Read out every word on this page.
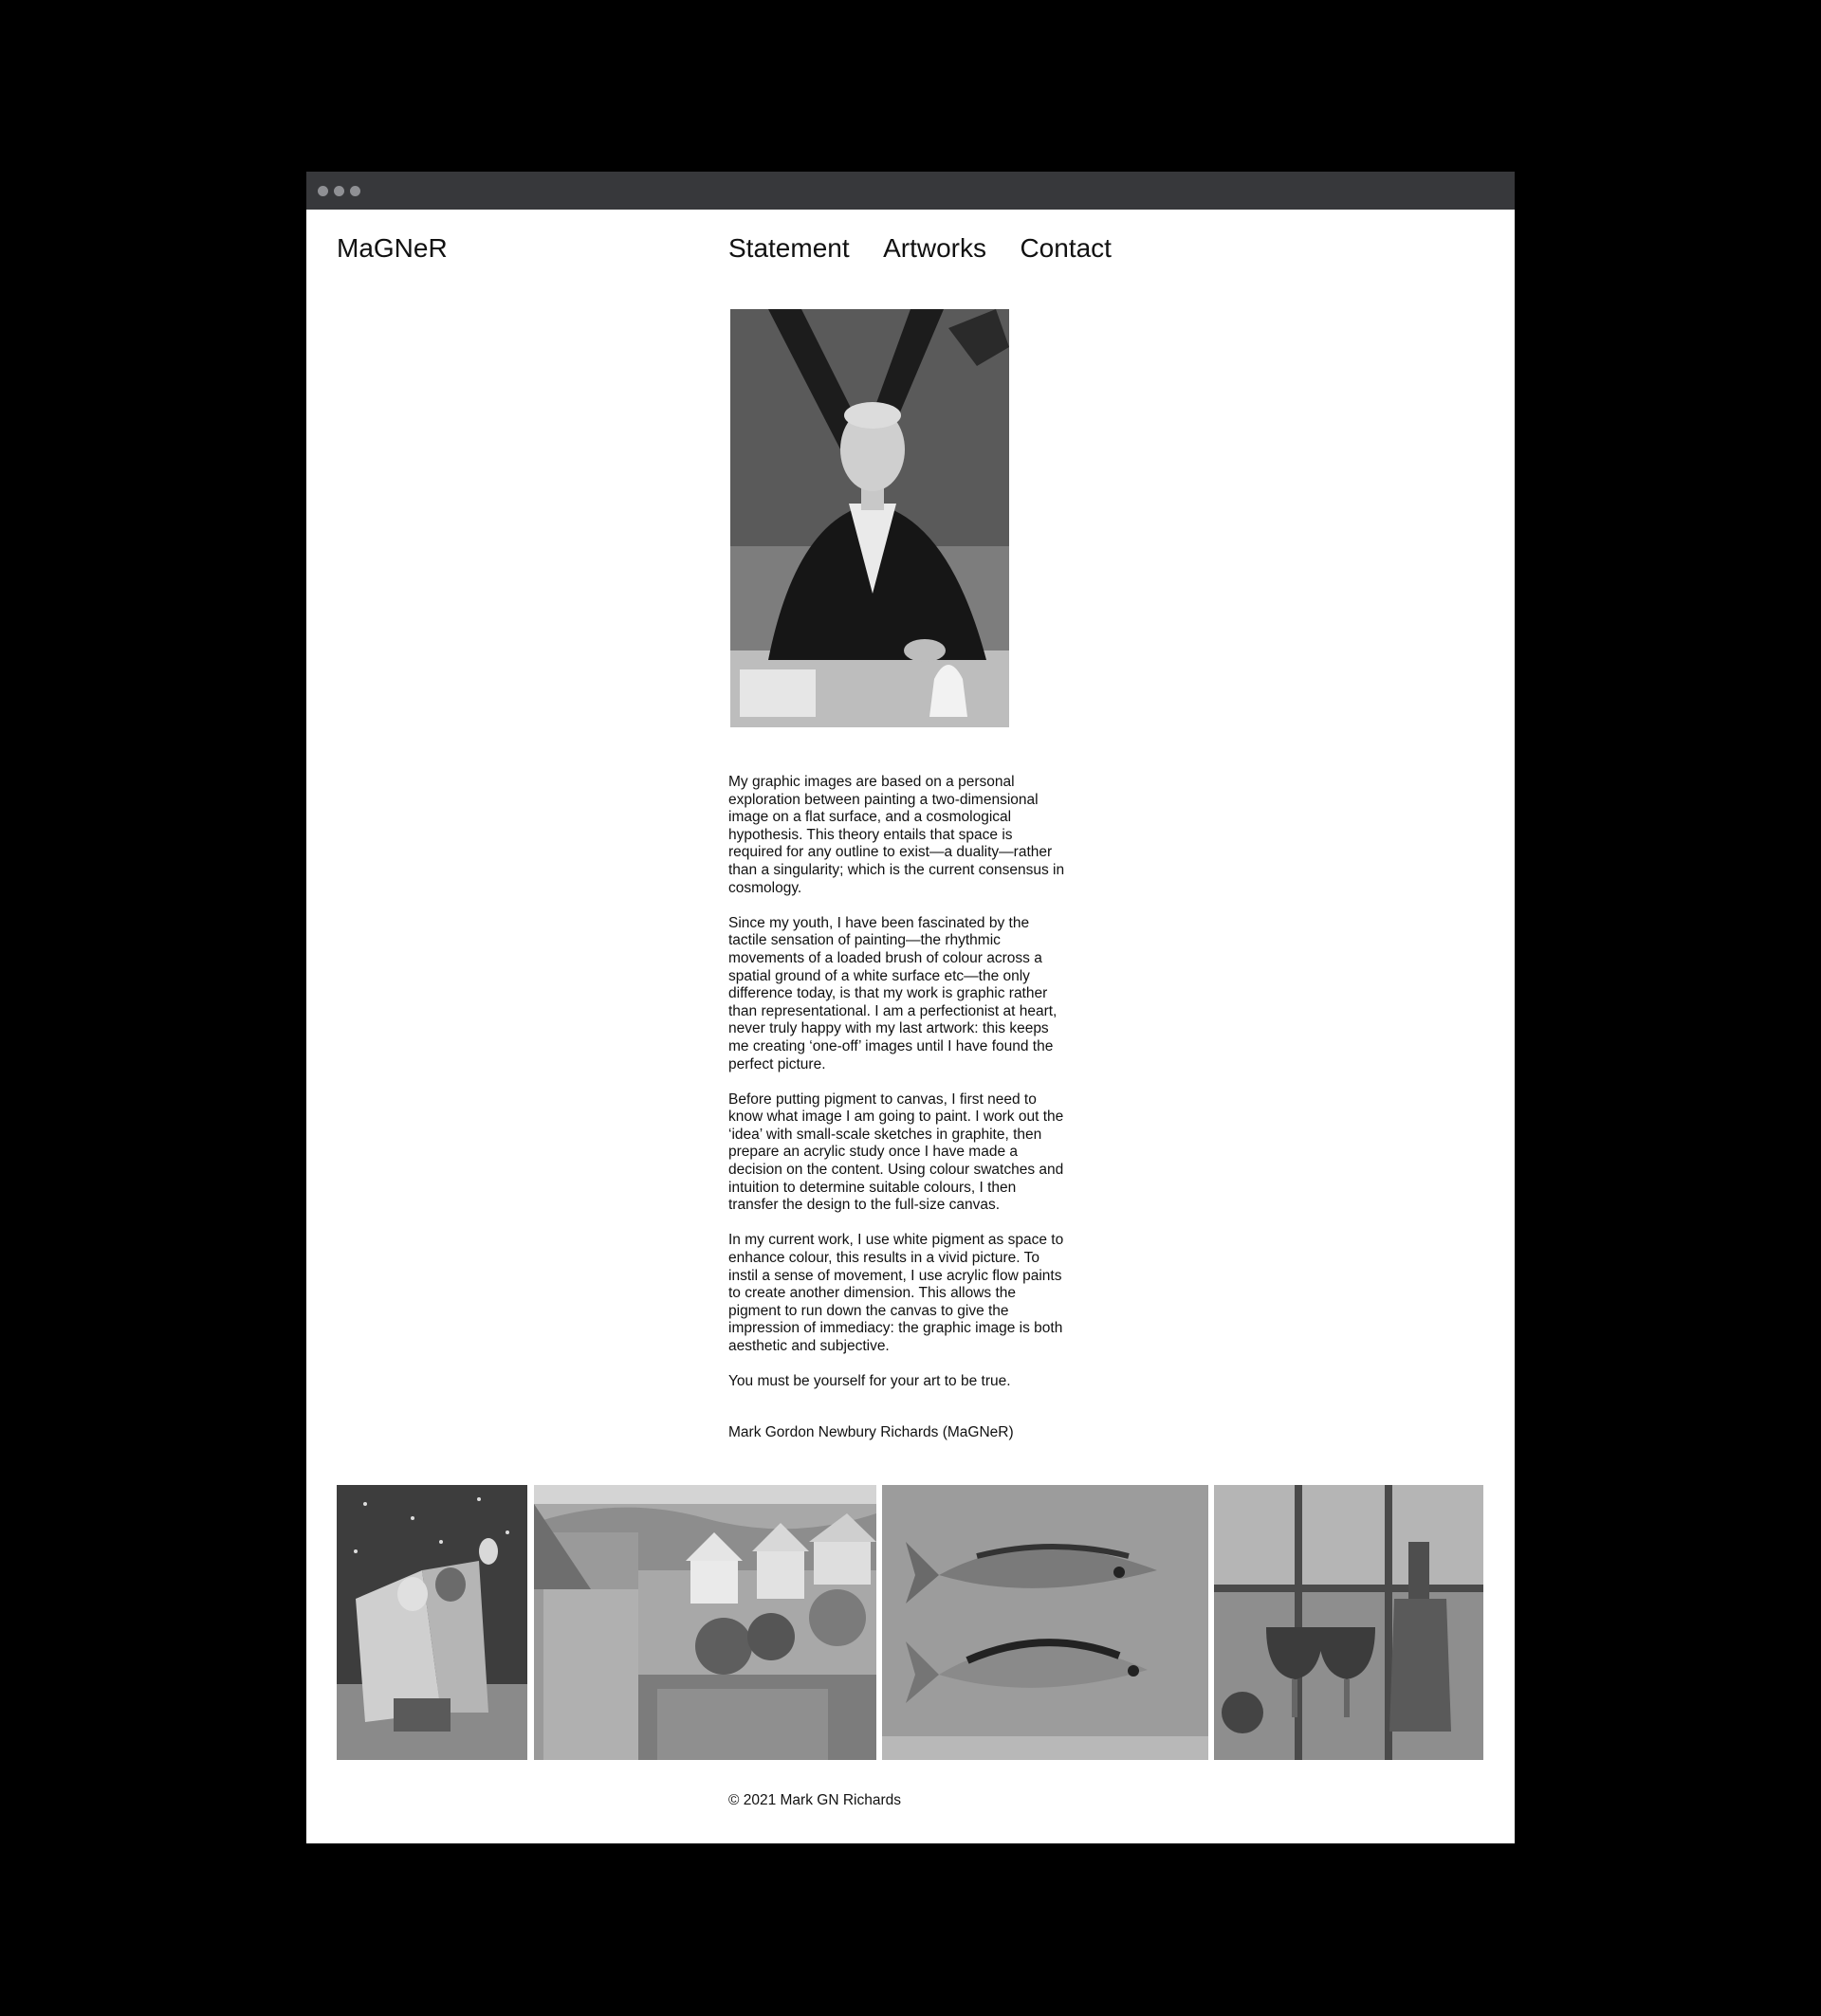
MaGNeR	Statement Artworks Contact

My graphic images are based on a personal exploration between painting a two-dimensional image on a flat surface, and a cosmological hypothesis. This theory entails that space is required for any outline to exist—a duality—rather than a singularity; which is the current consensus in cosmology.

Since my youth, I have been fascinated by the tactile sensation of painting—the rhythmic movements of a loaded brush of colour across a spatial ground of a white surface etc—the only difference today, is that my work is graphic rather than representational. I am a perfectionist at heart, never truly happy with my last artwork: this keeps me creating ‘one-off’ images until I have found the perfect picture.

Before putting pigment to canvas, I first need to know what image I am going to paint. I work out the ‘idea’ with small-scale sketches in graphite, then prepare an acrylic study once I have made a decision on the content. Using colour swatches and intuition to determine suitable colours, I then transfer the design to the full-size canvas.

In my current work, I use white pigment as space to enhance colour, this results in a vivid picture. To instil a sense of movement, I use acrylic flow paints to create another dimension. This allows the pigment to run down the canvas to give the impression of immediacy: the graphic image is both aesthetic and subjective.

You must be yourself for your art to be true.

Mark Gordon Newbury Richards (MaGNeR)
© 2021 Mark GN Richards
